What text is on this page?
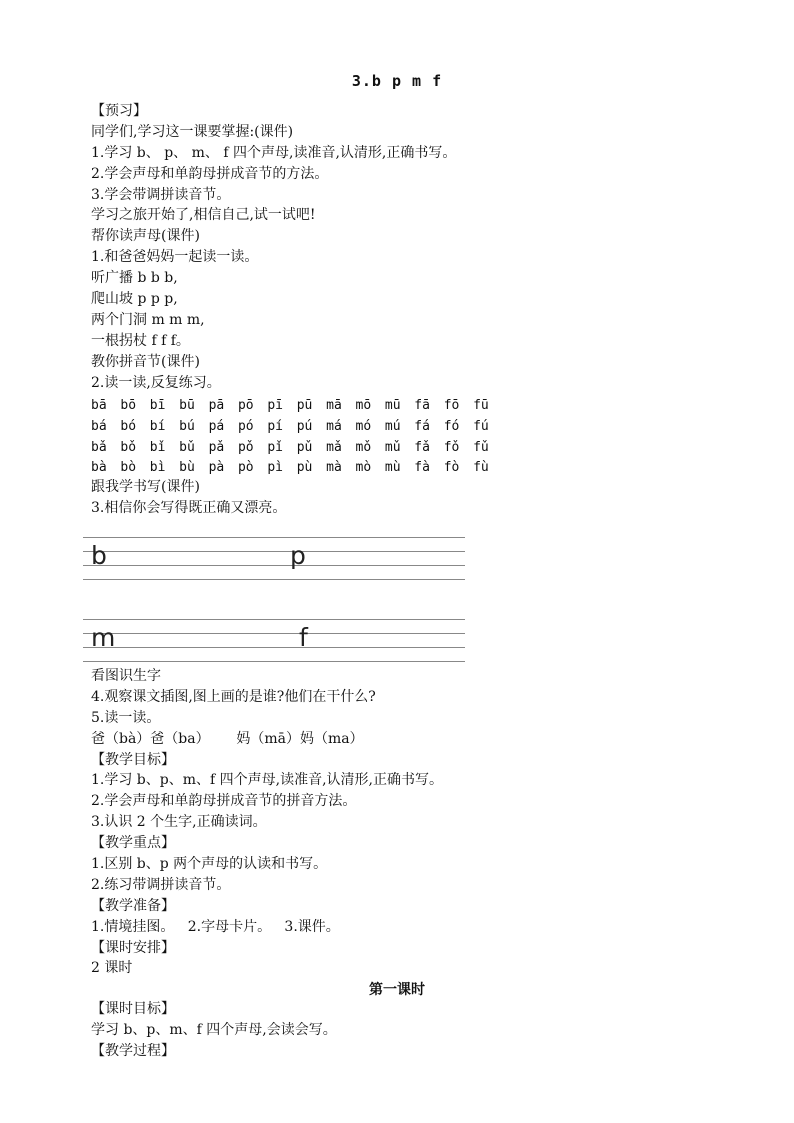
3.b p m f
【预习】
同学们,学习这一课要掌握:(课件)
1.学习 b、 p、 m、 f 四个声母,读准音,认清形,正确书写。
2.学会声母和单韵母拼成音节的方法。
3.学会带调拼读音节。
学习之旅开始了,相信自己,试一试吧!
帮你读声母(课件)
1.和爸爸妈妈一起读一读。
听广播 b b b,
爬山坡 p p p,
两个门洞 m m m,
一根拐杖 f f f。
教你拼音节(课件)
2.读一读,反复练习。
bā	bō	bī	bū	pā	pō	pī	pū	mā	mō	mū	fā	fō	fū
bá	bó	bí	bú	pá	pó	pí	pú	má	mó	mú	fá	fó	fú
bǎ	bǒ	bǐ	bǔ	pǎ	pǒ	pǐ	pǔ	mǎ	mǒ	mǔ	fǎ	fǒ	fǔ
bà	bò	bì	bù	pà	pò	pì	pù	mà	mò	mù	fà	fò	fù
跟我学书写(课件)
3.相信你会写得既正确又漂亮。
b	p
m	f
看图识生字
4.观察课文插图,图上画的是谁?他们在干什么?
5.读一读。
爸（bà）爸（ba）      妈（mā）妈（ma）
【教学目标】
1.学习 b、p、m、f 四个声母,读准音,认清形,正确书写。
2.学会声母和单韵母拼成音节的拼音方法。
3.认识 2 个生字,正确读词。
【教学重点】
1.区别 b、p 两个声母的认读和书写。
2.练习带调拼读音节。
【教学准备】
1.情境挂图。   2.字母卡片。   3.课件。
【课时安排】
2 课时
第一课时
【课时目标】
学习 b、p、m、f 四个声母,会读会写。
【教学过程】
